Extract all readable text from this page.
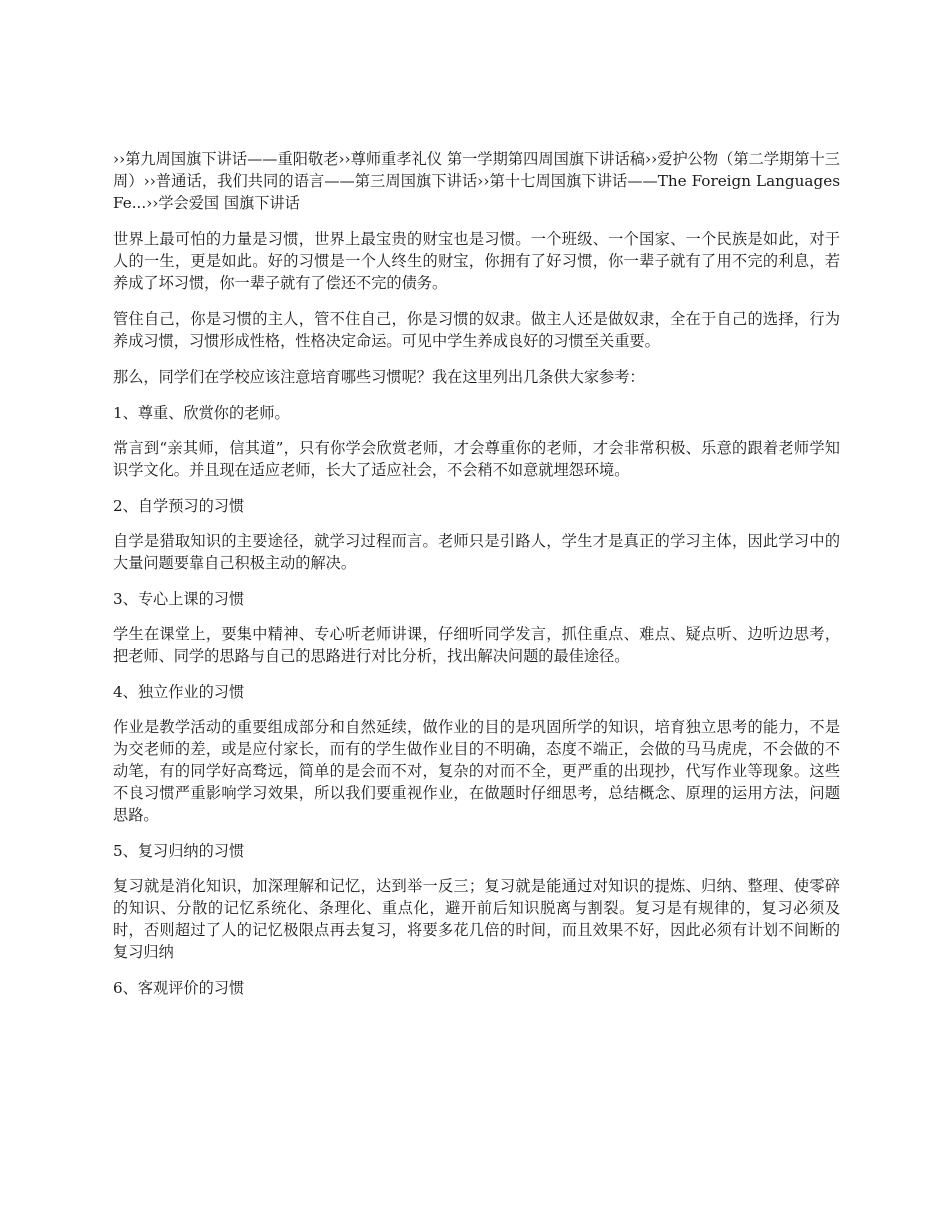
››第九周国旗下讲话——重阳敬老››尊师重孝礼仪 第一学期第四周国旗下讲话稿››爱护公物（第二学期第十三周）››普通话，我们共同的语言——第三周国旗下讲话››第十七周国旗下讲话——The Foreign Languages Fe...››学会爱国 国旗下讲话

世界上最可怕的力量是习惯，世界上最宝贵的财宝也是习惯。一个班级、一个国家、一个民族是如此，对于人的一生，更是如此。好的习惯是一个人终生的财宝，你拥有了好习惯，你一辈子就有了用不完的利息，若养成了坏习惯，你一辈子就有了偿还不完的债务。

管住自己，你是习惯的主人，管不住自己，你是习惯的奴隶。做主人还是做奴隶，全在于自己的选择，行为养成习惯，习惯形成性格，性格决定命运。可见中学生养成良好的习惯至关重要。

那么，同学们在学校应该注意培育哪些习惯呢？我在这里列出几条供大家参考：

1、尊重、欣赏你的老师。

常言到“亲其师，信其道”，只有你学会欣赏老师，才会尊重你的老师，才会非常积极、乐意的跟着老师学知识学文化。并且现在适应老师，长大了适应社会，不会稍不如意就埋怨环境。

2、自学预习的习惯

自学是猎取知识的主要途径，就学习过程而言。老师只是引路人，学生才是真正的学习主体，因此学习中的大量问题要靠自己积极主动的解决。

3、专心上课的习惯

学生在课堂上，要集中精神、专心听老师讲课，仔细听同学发言，抓住重点、难点、疑点听、边听边思考，把老师、同学的思路与自己的思路进行对比分析，找出解决问题的最佳途径。

4、独立作业的习惯

作业是教学活动的重要组成部分和自然延续，做作业的目的是巩固所学的知识，培育独立思考的能力，不是为交老师的差，或是应付家长，而有的学生做作业目的不明确，态度不端正，会做的马马虎虎，不会做的不动笔，有的同学好高骛远，简单的是会而不对，复杂的对而不全，更严重的出现抄，代写作业等现象。这些不良习惯严重影响学习效果，所以我们要重视作业，在做题时仔细思考，总结概念、原理的运用方法，问题思路。

5、复习归纳的习惯

复习就是消化知识，加深理解和记忆，达到举一反三；复习就是能通过对知识的提炼、归纳、整理、使零碎的知识、分散的记忆系统化、条理化、重点化，避开前后知识脱离与割裂。复习是有规律的，复习必须及时，否则超过了人的记忆极限点再去复习，将要多花几倍的时间，而且效果不好，因此必须有计划不间断的复习归纳

6、客观评价的习惯
